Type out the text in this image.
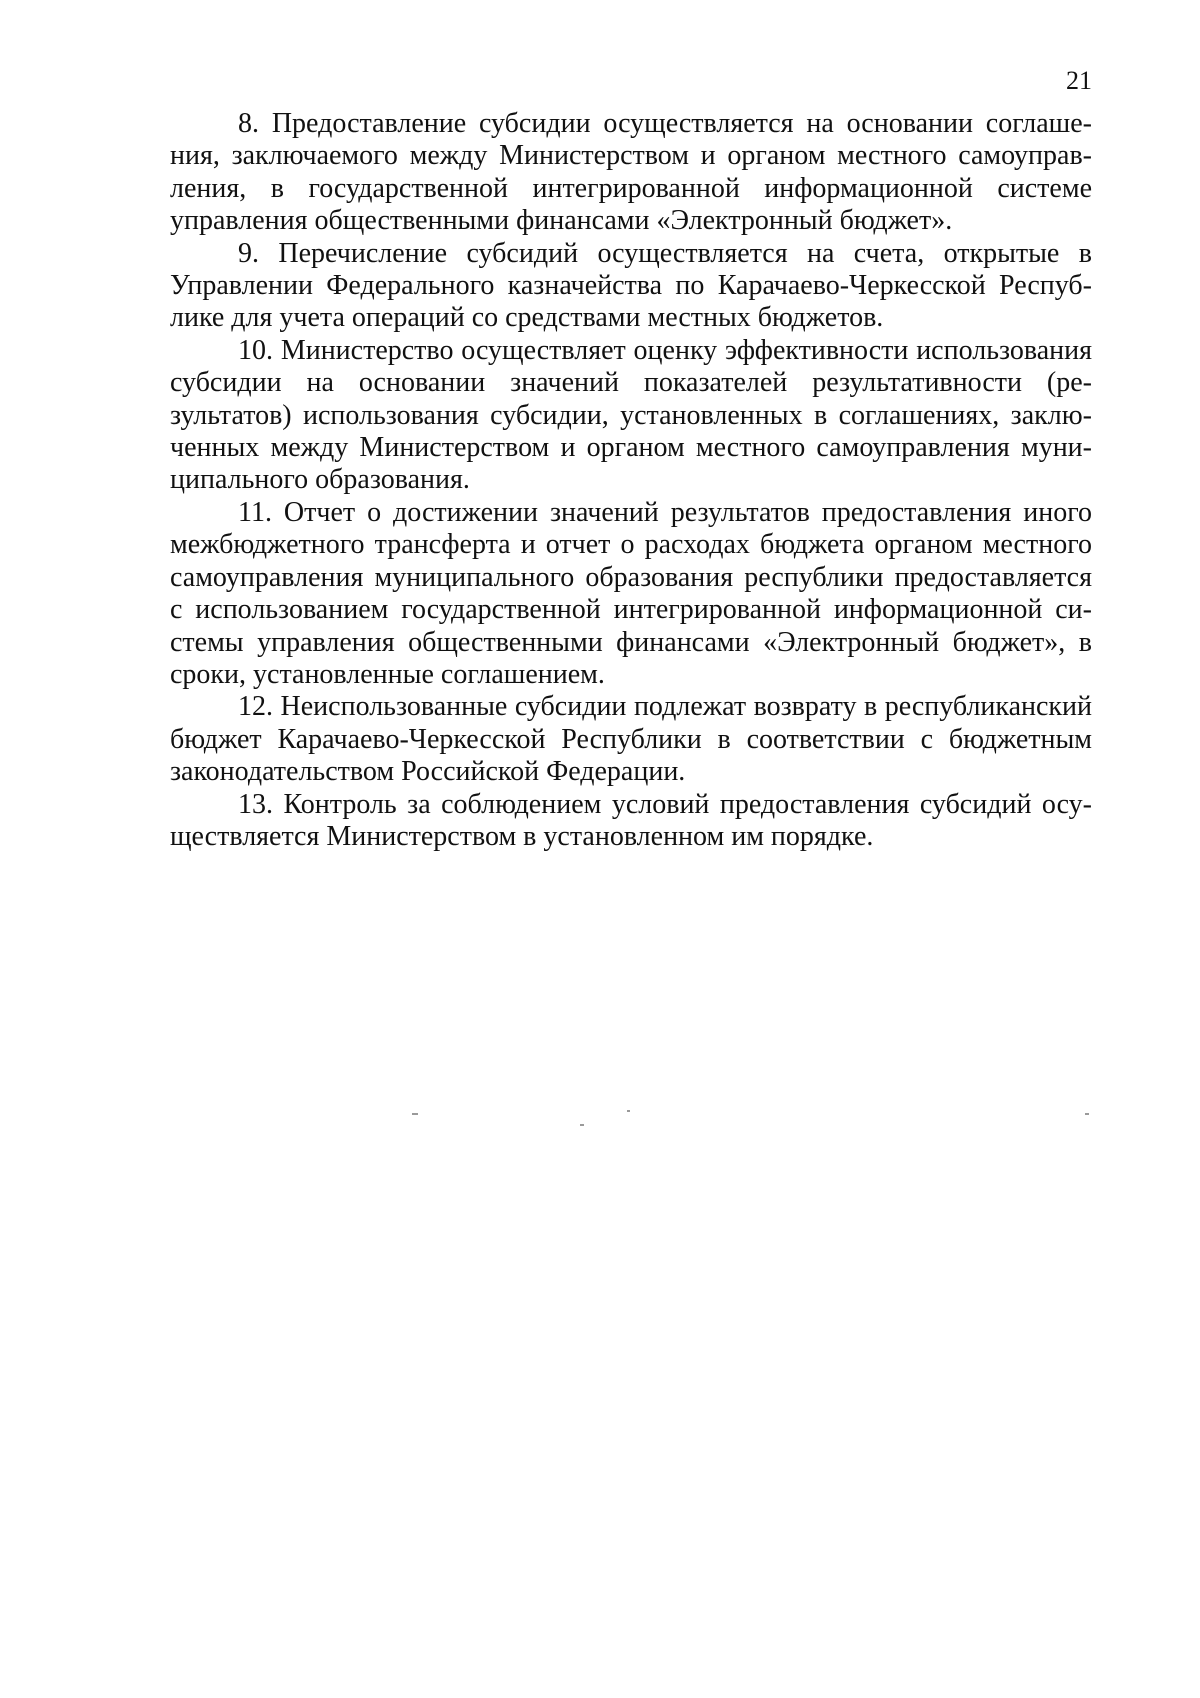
21

8. Предоставление субсидии осуществляется на основании соглашения, заключаемого между Министерством и органом местного самоуправления, в государственной интегрированной информационной системе управления общественными финансами «Электронный бюджет».

9. Перечисление субсидий осуществляется на счета, открытые в Управлении Федерального казначейства по Карачаево-Черкесской Республике для учета операций со средствами местных бюджетов.

10. Министерство осуществляет оценку эффективности использования субсидии на основании значений показателей результативности (результатов) использования субсидии, установленных в соглашениях, заключенных между Министерством и органом местного самоуправления муниципального образования.

11. Отчет о достижении значений результатов предоставления иного межбюджетного трансферта и отчет о расходах бюджета органом местного самоуправления муниципального образования республики предоставляется с использованием государственной интегрированной информационной системы управления общественными финансами «Электронный бюджет», в сроки, установленные соглашением.

12. Неиспользованные субсидии подлежат возврату в республиканский бюджет Карачаево-Черкесской Республики в соответствии с бюджетным законодательством Российской Федерации.

13. Контроль за соблюдением условий предоставления субсидий осуществляется Министерством в установленном им порядке.
